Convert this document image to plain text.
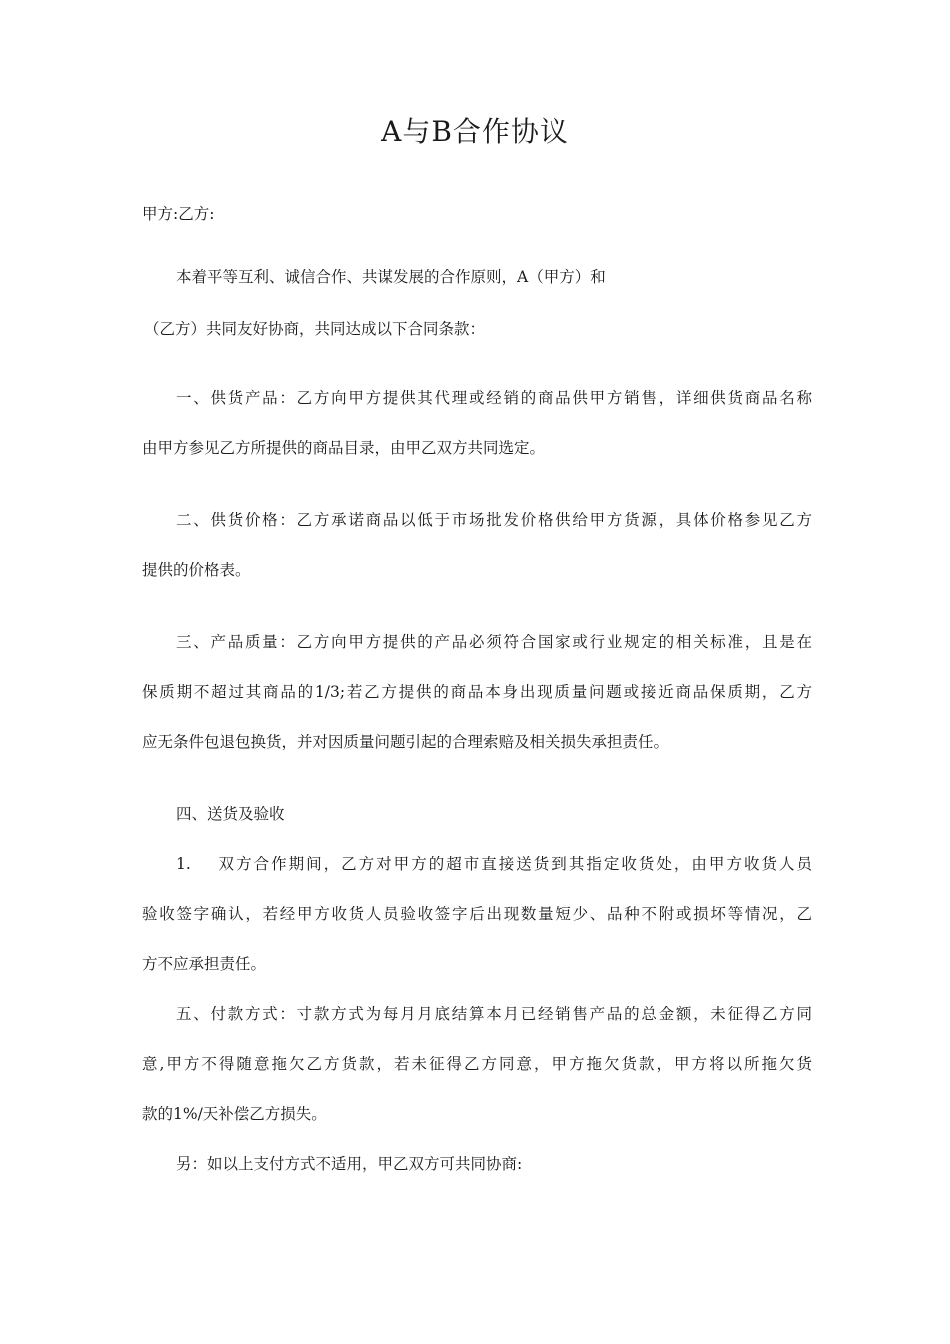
A与B合作协议
甲方:乙方:
本着平等互利、诚信合作、共谋发展的合作原则，A（甲方）和
（乙方）共同友好协商，共同达成以下合同条款：
一、供货产品：乙方向甲方提供其代理或经销的商品供甲方销售，详细供货商品名称
由甲方参见乙方所提供的商品目录，由甲乙双方共同选定。
二、供货价格：乙方承诺商品以低于市场批发价格供给甲方货源，具体价格参见乙方
提供的价格表。
三、产品质量：乙方向甲方提供的产品必须符合国家或行业规定的相关标准，且是在
保质期不超过其商品的1/3;若乙方提供的商品本身出现质量问题或接近商品保质期，乙方
应无条件包退包换货，并对因质量问题引起的合理索赔及相关损失承担责任。
四、送货及验收
1.    双方合作期间，乙方对甲方的超市直接送货到其指定收货处，由甲方收货人员
验收签字确认，若经甲方收货人员验收签字后出现数量短少、品种不附或损坏等情况，乙
方不应承担责任。
五、付款方式：寸款方式为每月月底结算本月已经销售产品的总金额，未征得乙方同
意,甲方不得随意拖欠乙方货款，若未征得乙方同意，甲方拖欠货款，甲方将以所拖欠货
款的1%/天补偿乙方损失。
另：如以上支付方式不适用，甲乙双方可共同协商:
